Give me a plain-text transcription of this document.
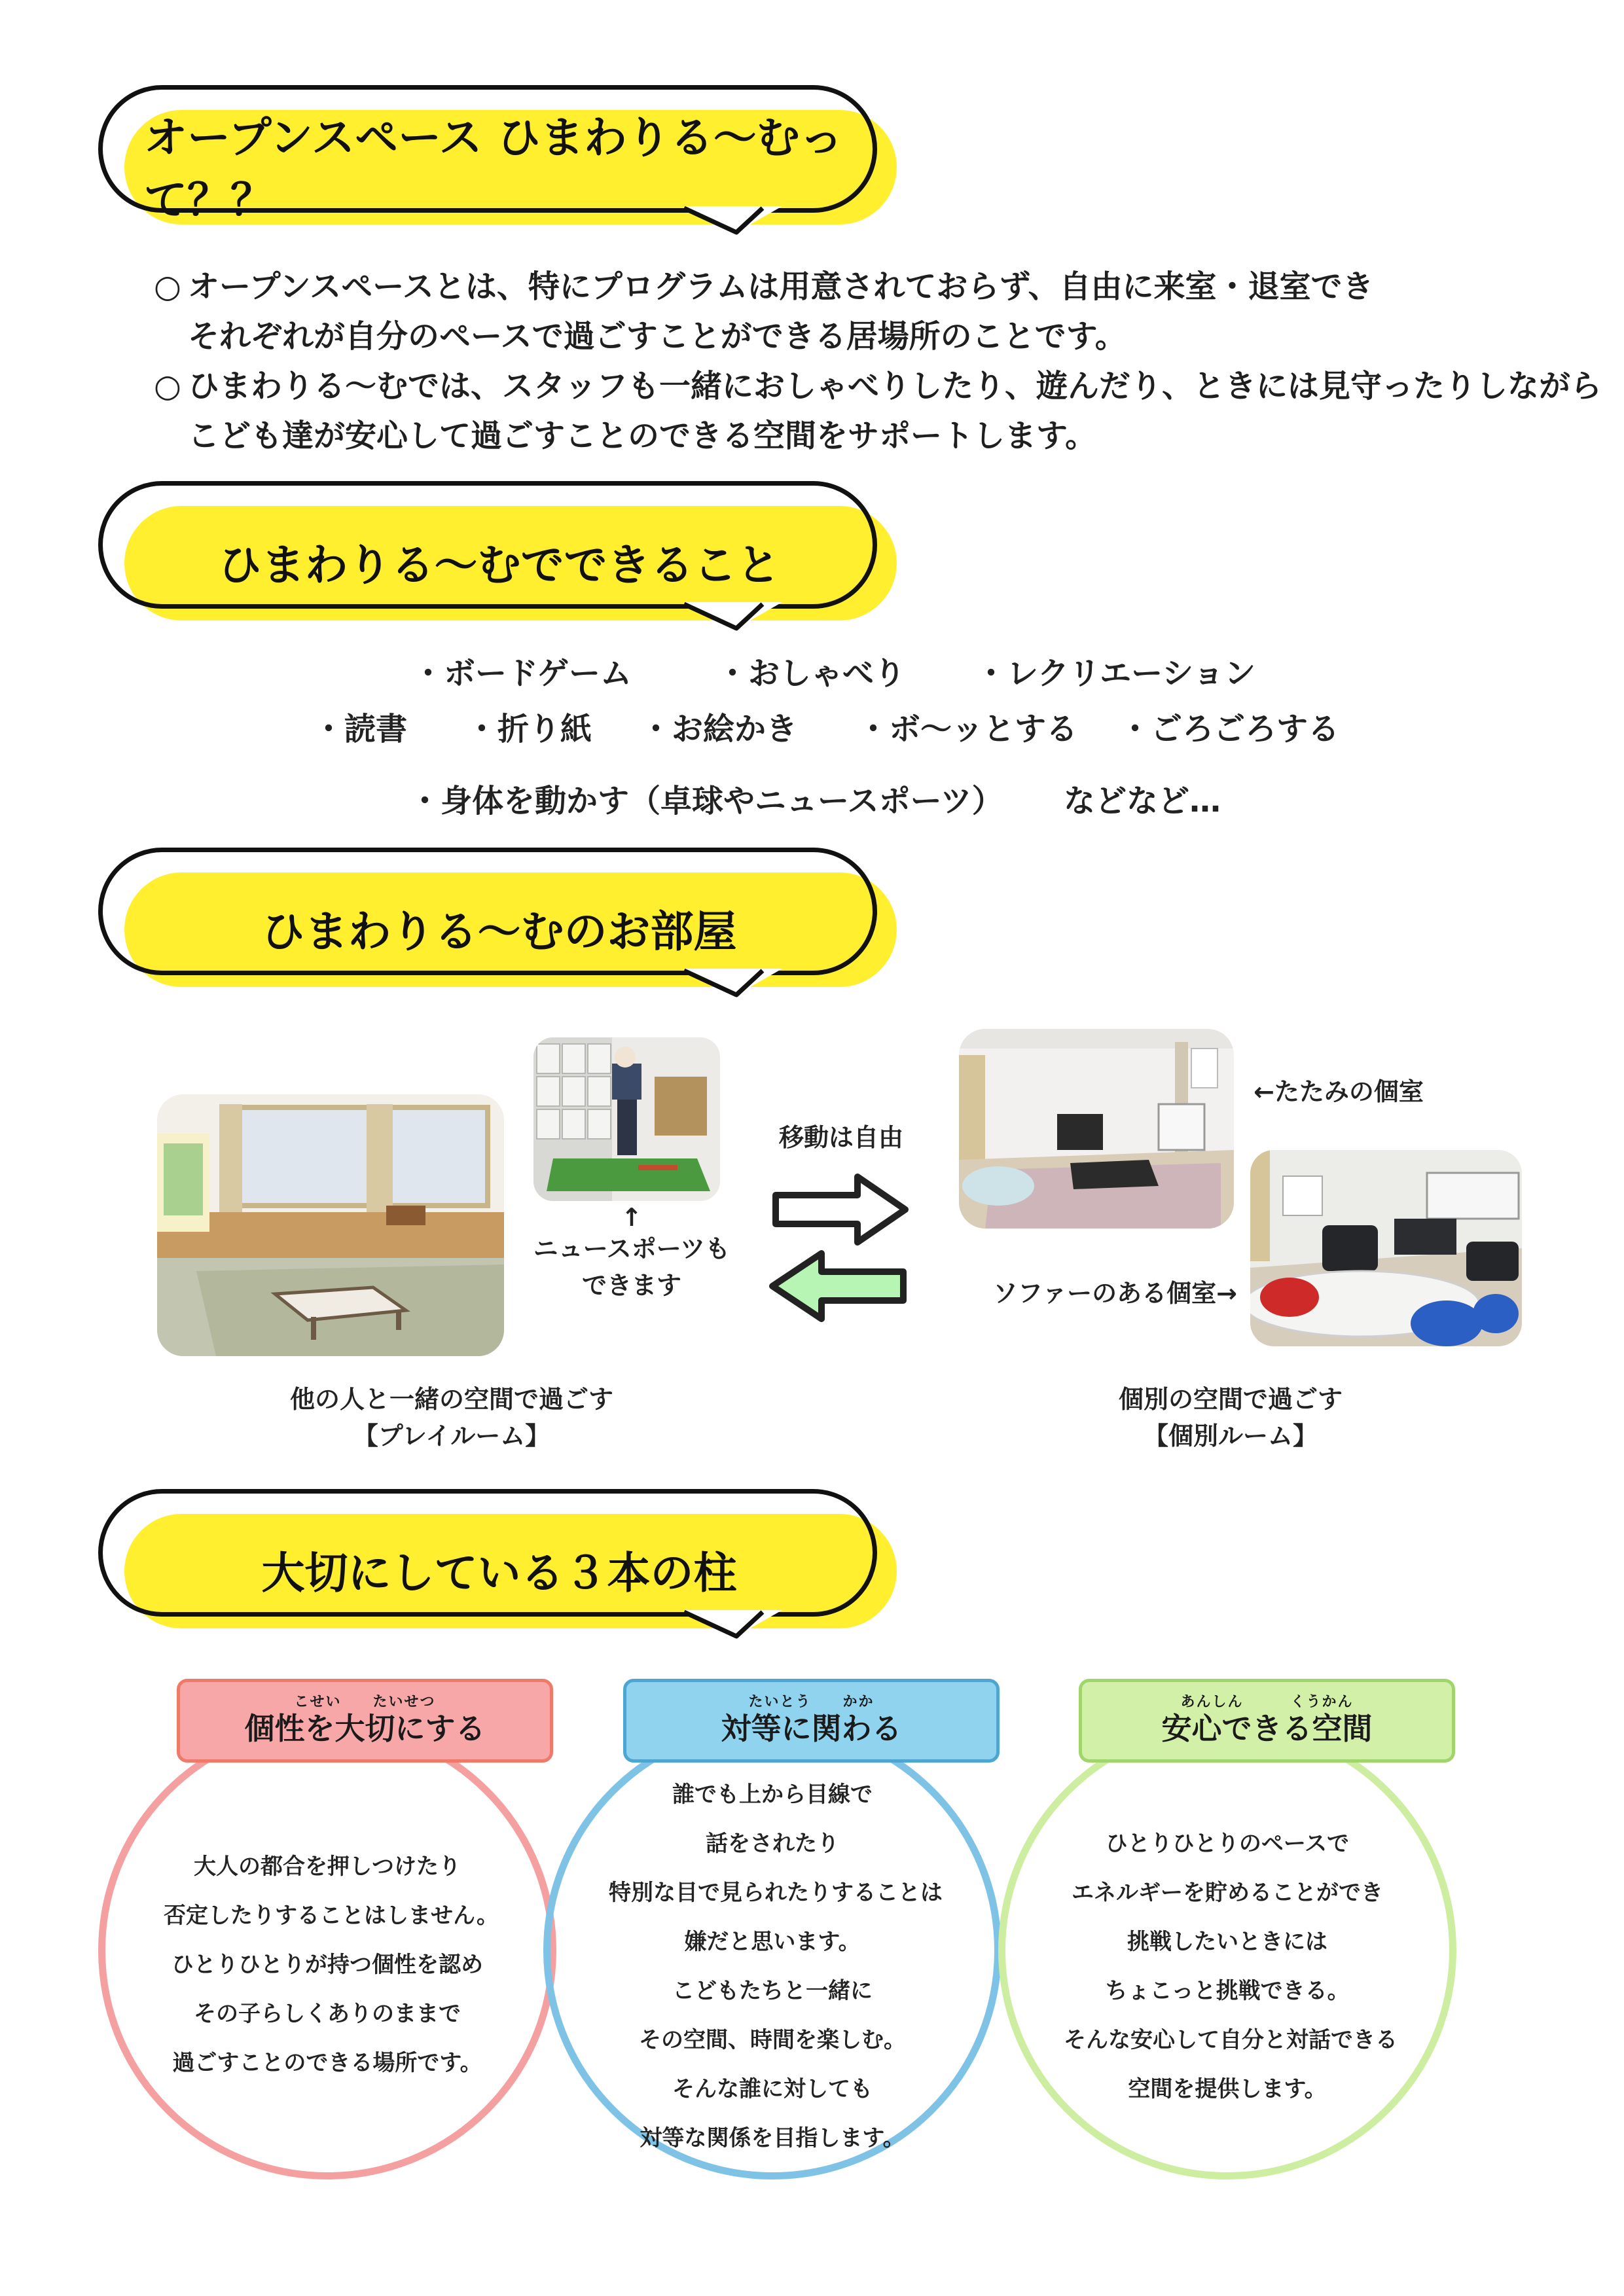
オープンスペース ひまわりる～むって？？
○ オープンスペースとは、特にプログラムは用意されておらず、自由に来室・退室でき
それぞれが自分のペースで過ごすことができる居場所のことです。
○ ひまわりる～むでは、スタッフも一緒におしゃべりしたり、遊んだり、ときには見守ったりしながら
こども達が安心して過ごすことのできる空間をサポートします。
ひまわりる～むでできること
・ボードゲーム	・おしゃべり ・レクリエーション
・読書 ・折り紙 ・お絵かき ・ボ～ッとする ・ごろごろする
・身体を動かす（卓球やニュースポーツ） などなど…
ひまわりる～むのお部屋
↑
ニュースポーツも
できます
移動は自由
←たたみの個室
ソファーのある個室→
他の人と一緒の空間で過ごす
【プレイルーム】
個別の空間で過ごす
【個別ルーム】
大切にしている３本の柱
こせい　　たいせつ
個性を大切にする
たいとう　　かか
対等に関わる
あんしん　　　くうかん
安心できる空間
大人の都合を押しつけたり
否定したりすることはしません。
ひとりひとりが持つ個性を認め
その子らしくありのままで
過ごすことのできる場所です。
誰でも上から目線で
話をされたり
特別な目で見られたりすることは
嫌だと思います。
こどもたちと一緒に
その空間、時間を楽しむ。
そんな誰に対しても
対等な関係を目指します。
ひとりひとりのペースで
エネルギーを貯めることができ
挑戦したいときには
ちょこっと挑戦できる。
そんな安心して自分と対話できる
空間を提供します。
